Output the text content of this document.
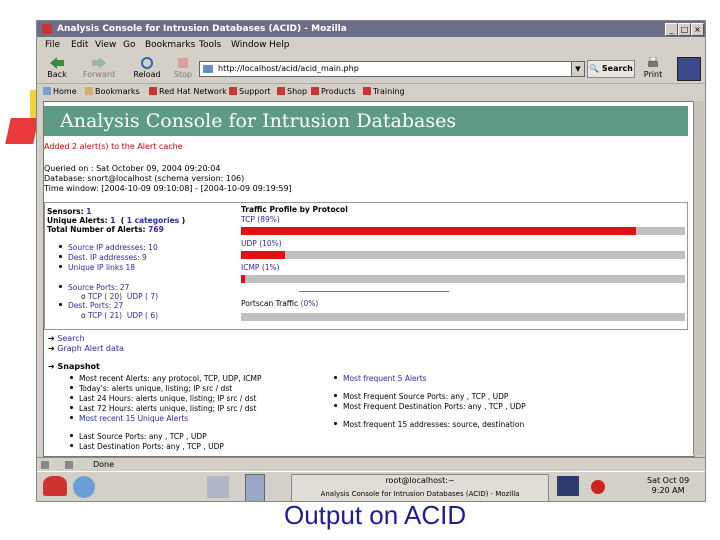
Analysis Console for Intrusion Databases (ACID) - Mozilla	_ □ ×
File Edit View Go Bookmarks Tools Window Help
Back	Forward	Reload	Stop
http://localhost/acid/acid_main.php	▼	🔍 Search
Print
Home	Bookmarks	Red Hat Network	Support	Shop	Products	Training
Analysis Console for Intrusion Databases
Added 2 alert(s) to the Alert cache
Queried on : Sat October 09, 2004 09:20:04
Database: snort@localhost (schema version: 106)
Time window: [2004-10-09 09:10:08] - [2004-10-09 09:19:59]
Sensors: 1
Unique Alerts: 1 ( 1 categories )
Total Number of Alerts: 769
Source IP addresses: 10
Dest. IP addresses: 9
Unique IP links 18
Source Ports: 27
o TCP ( 20) UDP ( 7)
Dest. Ports: 27
o TCP ( 21) UDP ( 6)
Traffic Profile by Protocol
TCP (89%)
UDP (10%)
ICMP (1%)
Portscan Traffic (0%)
➔ Search
➔ Graph Alert data
➔ Snapshot
Most recent Alerts: any protocol, TCP, UDP, ICMP
Today's: alerts unique, listing; IP src / dst
Last 24 Hours: alerts unique, listing; IP src / dst
Last 72 Hours: alerts unique, listing; IP src / dst
Most recent 15 Unique Alerts
Last Source Ports: any , TCP , UDP
Last Destination Ports: any , TCP , UDP
Most frequent 5 Alerts
Most Frequent Source Ports: any , TCP , UDP
Most Frequent Destination Ports: any , TCP , UDP
Most frequent 15 addresses: source, destination
Done
root@localhost:~
Analysis Console for Intrusion Databases (ACID) - Mozilla
Sat Oct 09
9:20 AM
Output on ACID
